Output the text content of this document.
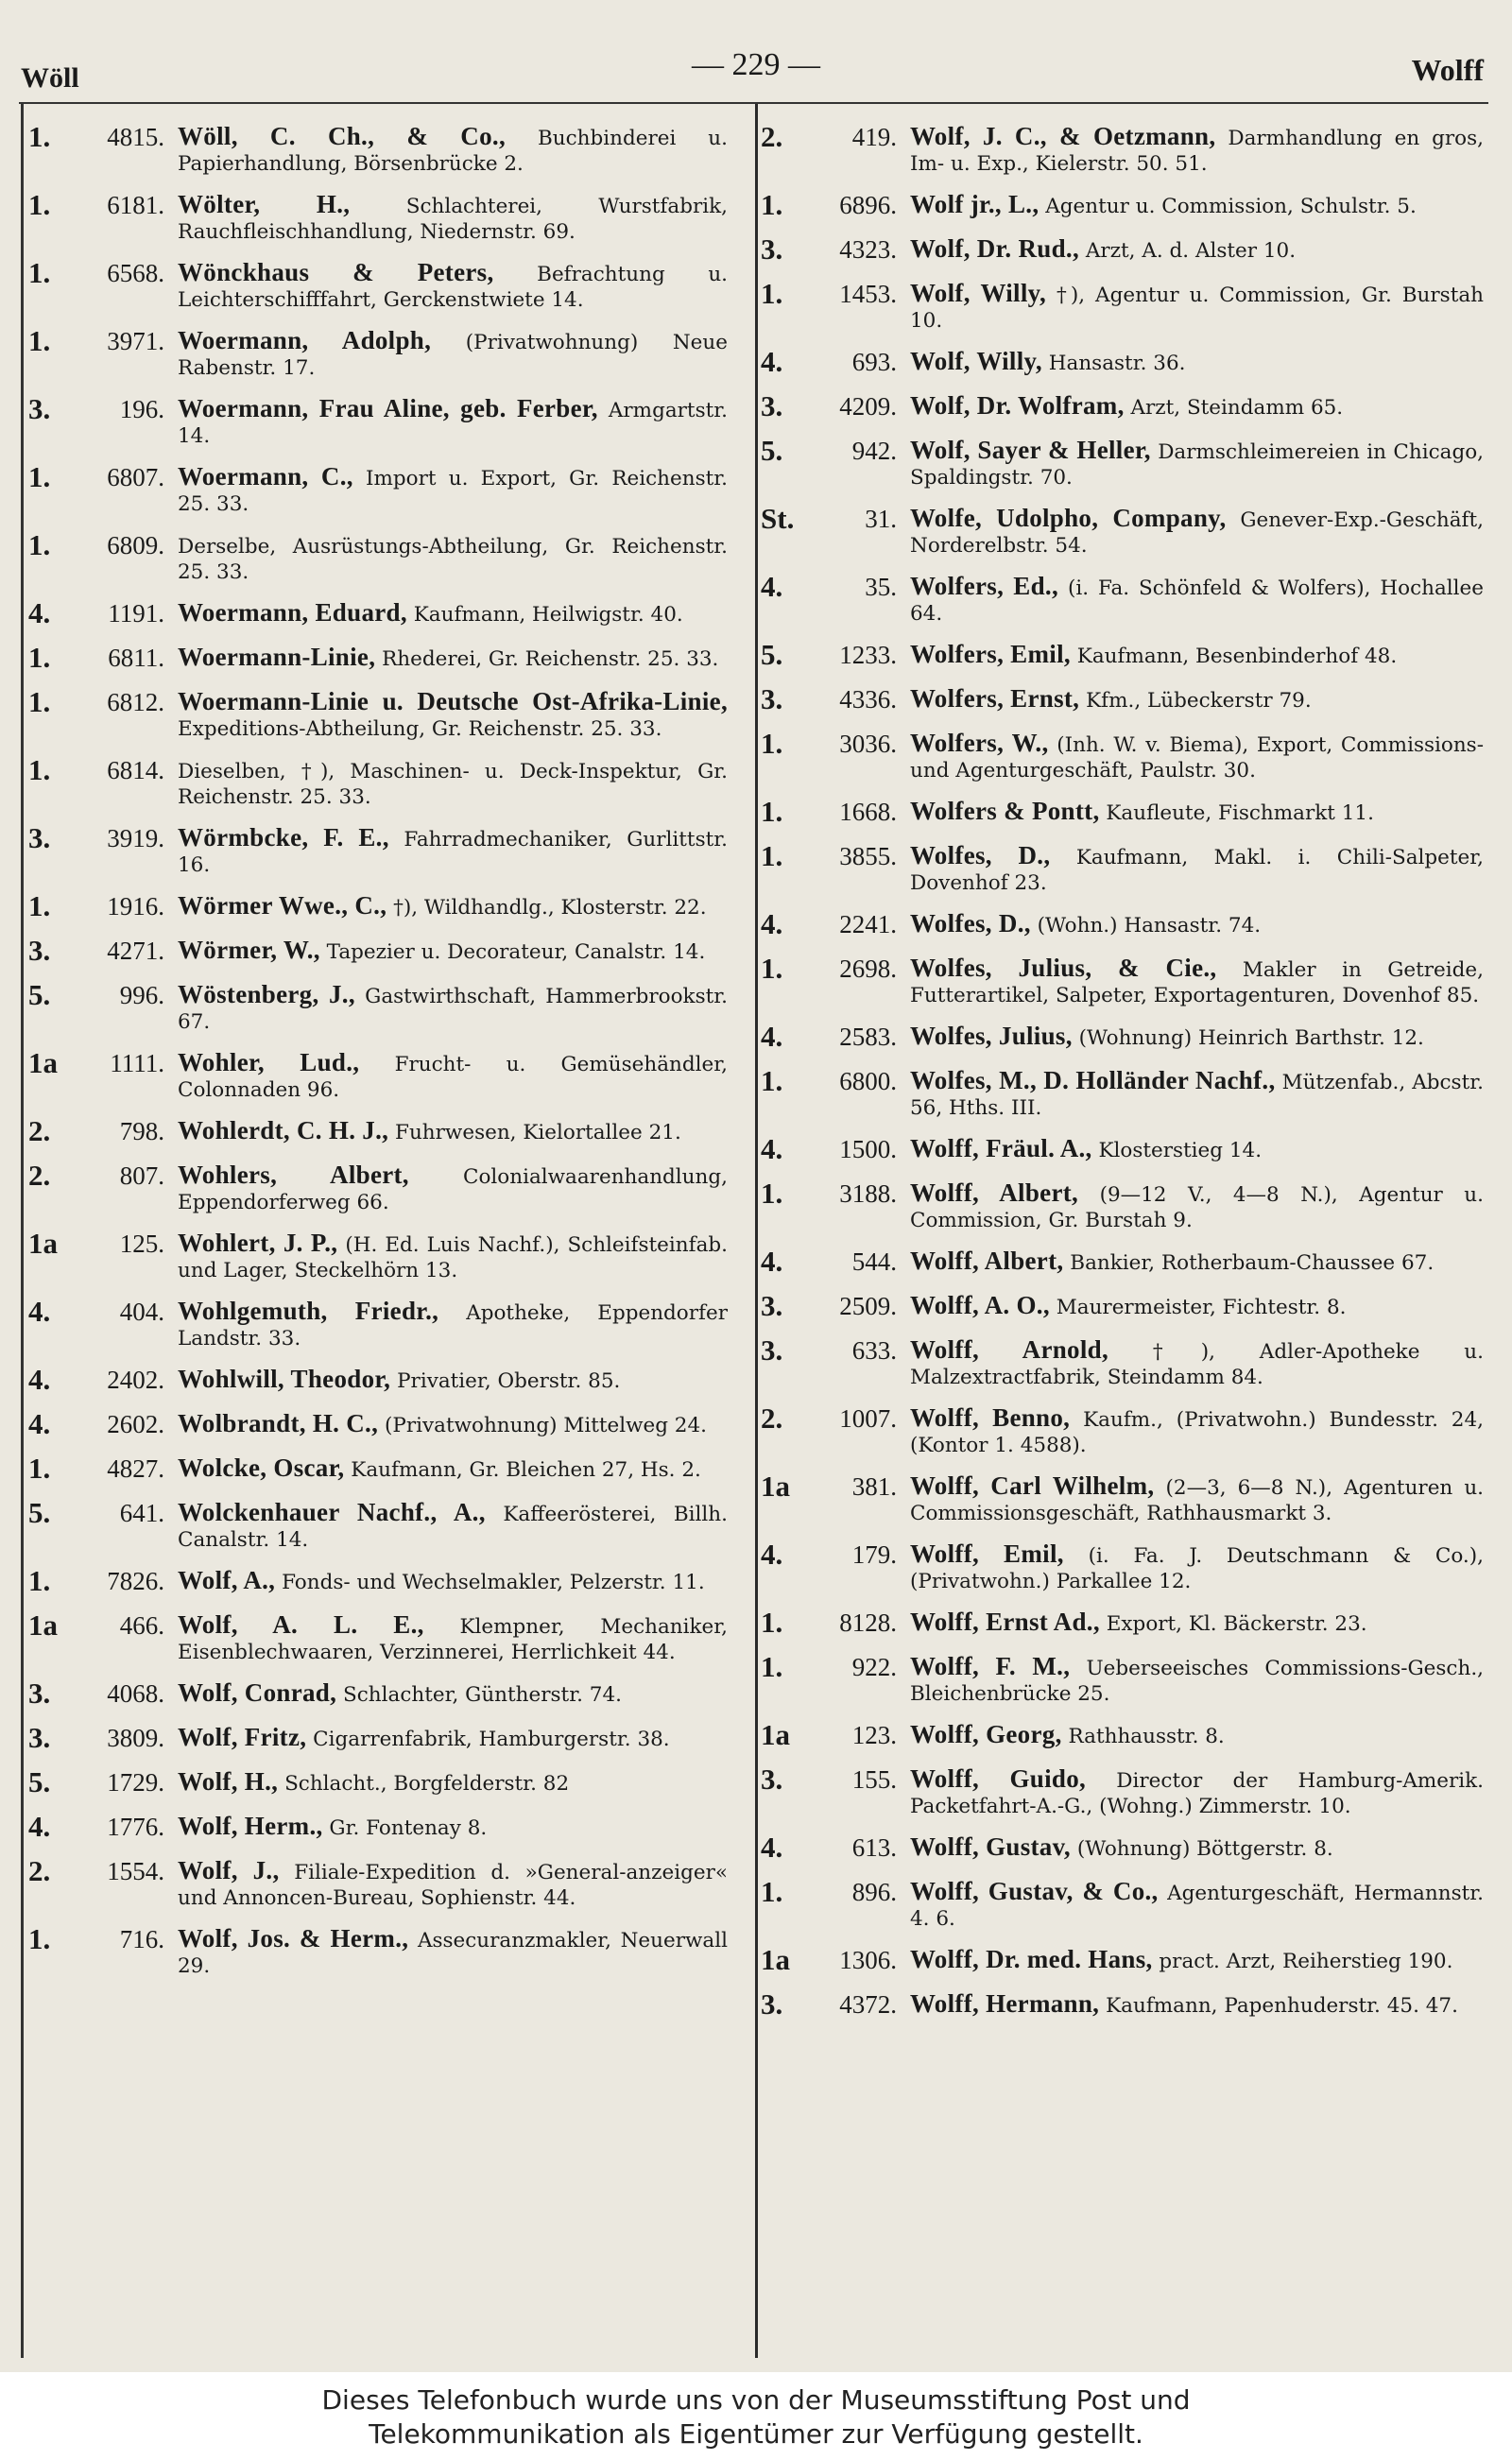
Wöll	— 229 —	Wolff
1.	4815. Wöll, C. Ch., & Co., Buchbinderei u. Papierhandlung, Börsenbrücke 2.
1.	6181. Wölter, H.,	Schlachterei, Wurstfabrik, Rauchfleischhandlung, Niedernstr. 69.
1.	6568. Wönckhaus & Peters, Befrachtung u. Leichterschifffahrt, Gerckenstwiete 14.
1.	3971. Woermann, Adolph, (Privatwohnung) Neue Rabenstr. 17.
3.	196. Woermann, Frau Aline, geb. Ferber, Armgartstr. 14.
1.	6807. Woermann, C., Import u. Export, Gr. Reichenstr. 25. 33.
1.	6809. Derselbe, Ausrüstungs-Abtheilung, Gr. Reichenstr. 25. 33.
4.	1191. Woermann, Eduard, Kaufmann, Heilwigstr. 40.
1.	6811. Woermann-Linie, Rhederei, Gr. Reichenstr. 25. 33.
1.	6812. Woermann-Linie u. Deutsche Ost-Afrika-Linie, Expeditions-Abtheilung, Gr. Reichenstr. 25. 33.
1.	6814. Dieselben, †), Maschinen- u. Deck-Inspektur, Gr. Reichenstr. 25. 33.
3.	3919. Wörmbcke, F. E., Fahrradmechaniker, Gurlittstr. 16.
1.	1916. Wörmer Wwe., C., †), Wildhandlg., Klosterstr. 22.
3.	4271. Wörmer, W., Tapezier u. Decorateur, Canalstr. 14.
5.	996. Wöstenberg, J., Gastwirthschaft, Hammerbrookstr. 67.
1a	1111. Wohler, Lud., Frucht- u. Gemüsehändler, Colonnaden 96.
2.	798. Wohlerdt, C. H. J., Fuhrwesen, Kielortallee 21.
2.	807. Wohlers, Albert,	Colonialwaarenhandlung, Eppendorferweg 66.
1a	125. Wohlert, J. P., (H. Ed. Luis Nachf.), Schleifsteinfab. und Lager, Steckelhörn 13.
4.	404. Wohlgemuth, Friedr., Apotheke, Eppendorfer Landstr. 33.
4.	2402. Wohlwill, Theodor, Privatier, Oberstr. 85.
4.	2602. Wolbrandt, H. C., (Privatwohnung) Mittelweg 24.
1.	4827. Wolcke, Oscar, Kaufmann, Gr. Bleichen 27, Hs. 2.
5.	641. Wolckenhauer Nachf., A., Kaffeerösterei, Billh. Canalstr. 14.
1.	7826. Wolf, A., Fonds- und Wechselmakler, Pelzerstr. 11.
1a	466. Wolf, A. L. E., Klempner, Mechaniker, Eisenblechwaaren, Verzinnerei, Herrlichkeit 44.
3.	4068. Wolf, Conrad, Schlachter, Güntherstr. 74.
3.	3809. Wolf, Fritz, Cigarrenfabrik, Hamburgerstr. 38.
5.	1729. Wolf, H., Schlacht., Borgfelderstr. 82
4.	1776. Wolf, Herm., Gr. Fontenay 8.
2.	1554. Wolf, J., Filiale-Expedition d. »General-anzeiger« und Annoncen-Bureau, Sophienstr. 44.
1.	716. Wolf, Jos. & Herm., Assecuranzmakler, Neuerwall 29.
2.	419. Wolf, J. C., & Oetzmann, Darmhandlung en gros, Im- u. Exp., Kielerstr. 50. 51.
1.	6896. Wolf jr., L., Agentur u. Commission, Schulstr. 5.
3.	4323. Wolf, Dr. Rud., Arzt, A. d. Alster 10.
1.	1453. Wolf, Willy, †), Agentur u. Commission, Gr. Burstah 10.
4.	693. Wolf, Willy, Hansastr. 36.
3.	4209. Wolf, Dr. Wolfram, Arzt, Steindamm 65.
5.	942. Wolf, Sayer & Heller, Darmschleimereien in Chicago, Spaldingstr. 70.
St.	31. Wolfe, Udolpho, Company, Genever-Exp.-Geschäft, Norderelbstr. 54.
4.	35. Wolfers, Ed., (i. Fa. Schönfeld & Wolfers), Hochallee 64.
5.	1233. Wolfers, Emil, Kaufmann, Besenbinderhof 48.
3.	4336. Wolfers, Ernst, Kfm., Lübeckerstr 79.
1.	3036. Wolfers, W., (Inh. W. v. Biema), Export, Commissions- und Agenturgeschäft, Paulstr. 30.
1.	1668. Wolfers & Pontt, Kaufleute, Fischmarkt 11.
1.	3855. Wolfes, D., Kaufmann, Makl. i. Chili-Salpeter, Dovenhof 23.
4.	2241. Wolfes, D., (Wohn.) Hansastr. 74.
1.	2698. Wolfes, Julius, & Cie., Makler in Getreide, Futterartikel, Salpeter, Exportagenturen, Dovenhof 85.
4.	2583. Wolfes, Julius, (Wohnung) Heinrich Barthstr. 12.
1.	6800. Wolfes, M., D. Holländer Nachf., Mützenfab., Abcstr. 56, Hths. III.
4.	1500. Wolff, Fräul. A., Klosterstieg 14.
1.	3188. Wolff, Albert, (9—12 V., 4—8 N.), Agentur u. Commission, Gr. Burstah 9.
4.	544. Wolff, Albert, Bankier, Rotherbaum-Chaussee 67.
3.	2509. Wolff, A. O., Maurermeister, Fichtestr. 8.
3.	633. Wolff, Arnold, †), Adler-Apotheke u. Malzextractfabrik, Steindamm 84.
2.	1007. Wolff, Benno, Kaufm., (Privatwohn.) Bundesstr. 24, (Kontor 1. 4588).
1a	381. Wolff, Carl Wilhelm, (2—3, 6—8 N.), Agenturen u. Commissionsgeschäft, Rathhausmarkt 3.
4.	179. Wolff, Emil, (i. Fa. J. Deutschmann & Co.), (Privatwohn.) Parkallee 12.
1.	8128. Wolff, Ernst Ad., Export, Kl. Bäckerstr. 23.
1.	922. Wolff, F. M., Ueberseeisches Commissions-Gesch., Bleichenbrücke 25.
1a	123. Wolff, Georg, Rathhausstr. 8.
3.	155. Wolff, Guido, Director der Hamburg-Amerik. Packetfahrt-A.-G., (Wohng.) Zimmerstr. 10.
4.	613. Wolff, Gustav, (Wohnung) Böttgerstr. 8.
1.	896. Wolff, Gustav, & Co., Agenturgeschäft, Hermannstr. 4. 6.
1a	1306. Wolff, Dr. med. Hans, pract. Arzt, Reiherstieg 190.
3.	4372. Wolff, Hermann, Kaufmann, Papenhuderstr. 45. 47.
Dieses Telefonbuch wurde uns von der Museumsstiftung Post und
Telekommunikation als Eigentümer zur Verfügung gestellt.
